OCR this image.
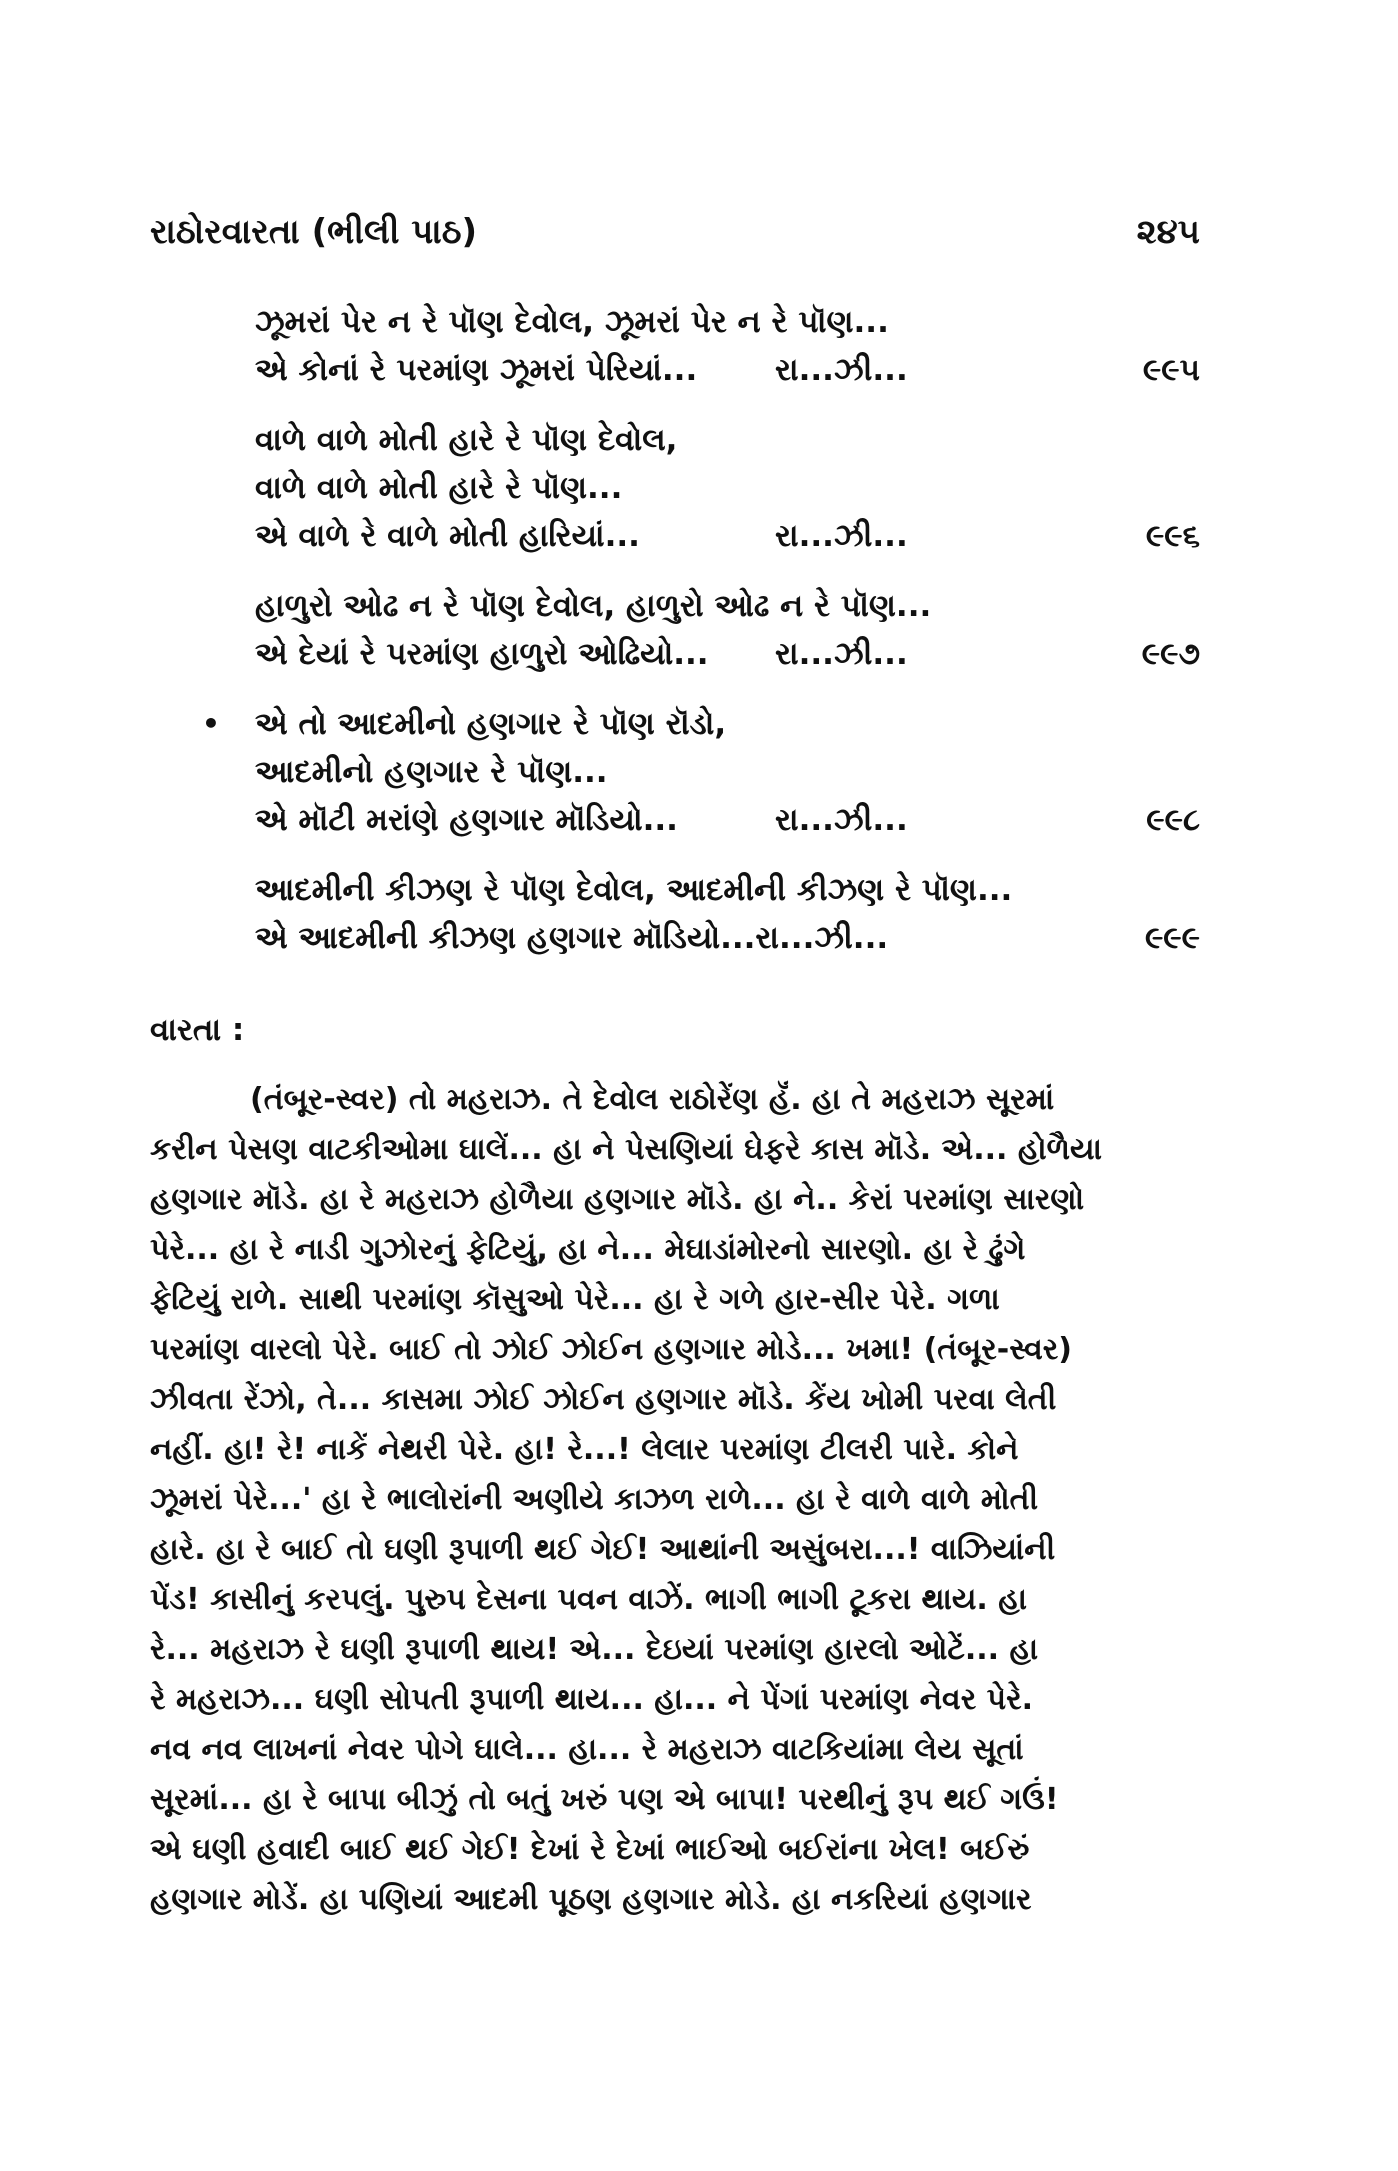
રાઠોરવારતા (ભીલી પાઠ)	૨૪૫
ઝૂમરાં પેર ન રે પૉણ દેવોલ, ઝૂમરાં પેર ન રે પૉણ...
એ કોનાં રે પરમાંણ ઝૂમરાં પેરિયાં...	રા...ઝી...	૯૯૫
વાળે વાળે મોતી હારે રે પૉણ દેવોલ,
વાળે વાળે મોતી હારે રે પૉણ...
એ વાળે રે વાળે મોતી હારિયાં...	રા...ઝી...	૯૯૬
હાળુરો ઓઢ ન રે પૉણ દેવોલ, હાળુરો ઓઢ ન રે પૉણ...
એ દેયાં રે પરમાંણ હાળુરો ઓઢિયો... રા...ઝી...	૯૯૭
• એ તો આદમીનો હણગાર રે પૉણ રૉડો,
આદમીનો હણગાર રે પૉણ...
એ મૉટી મરાંણે હણગાર મૉડિયો...	રા...ઝી...	૯૯૮
આદમીની કીઝણ રે પૉણ દેવોલ, આદમીની કીઝણ રે પૉણ...
એ આદમીની કીઝણ હણગાર મૉડિયો...રા...ઝી...	૯૯૯
વારતા :
(તંબૂર-સ્વર) તો મહરાઝ. તે દેવોલ રાઠોરેંણ હૅં. હા તે મહરાઝ સૂરમાં
કરીન પેસણ વાટકીઓમા ઘાલેં... હા ને પેસણિયાં ઘેફરે કાસ મૉડે. એ... હોળૈયા
હણગાર મૉડે. હા રે મહરાઝ હોળૈયા હણગાર મૉડે. હા ને.. કેરાં પરમાંણ સારણો
પેરે... હા રે નાડી ગુઝોરનું ફેટિયું, હા ને... મેઘાડાંમોરનો સારણો. હા રે ઢુંગે
ફેટિયું રાળે. સાથી પરમાંણ કૉસુઓ પેરે... હા રે ગળે હાર-સીર પેરે. ગળા
પરમાંણ વારલો પેરે. બાઈ તો ઝોઈ ઝોઈન હણગાર મોડે... ખમા! (તંબૂર-સ્વર)
ઝીવતા રેંઝો, તે... કાસમા ઝોઈ ઝોઈન હણગાર મૉડે. કેંય ખોમી પરવા લેતી
નહીં. હા! રે! નાકેં નેથરી પેરે. હા! રે...! લેલાર પરમાંણ ટીલરી પારે. કોને
ઝૂમરાં પેરે...' હા રે ભાલોરાંની અણીયે કાઝળ રાળે... હા રે વાળે વાળે મોતી
હારે. હા રે બાઈ તો ઘણી રૂપાળી થઈ ગેઈ! આથાંની અસુંબરા...! વાઝિયાંની
પેંડ! કાસીનું કરપલું. પુરુપ દેસના પવન વાઝેં. ભાગી ભાગી ટૂકરા થાય. હા
રે... મહરાઝ રે ઘણી રૂપાળી થાય! એ... દેઇયાં પરમાંણ હારલો ઓટેં... હા
રે મહરાઝ... ઘણી સોપતી રૂપાળી થાય... હા... ને પેંગાં પરમાંણ નેવર પેરે.
નવ નવ લાખનાં નેવર પોગે ઘાલે... હા... રે મહરાઝ વાટકિયાંમા લેય સૂતાં
સૂરમાં... હા રે બાપા બીઝું તો બતું ખરું પણ એ બાપા! પરથીનું રૂપ થઈ ગઉં!
એ ઘણી હવાદી બાઈ થઈ ગેઈ! દેખાં રે દેખાં ભાઈઓ બઈરાંના ખેલ! બઈરું
હણગાર મોડેં. હા પણિયાં આદમી પૂઠણ હણગાર મોડે. હા નકરિયાં હણગાર
